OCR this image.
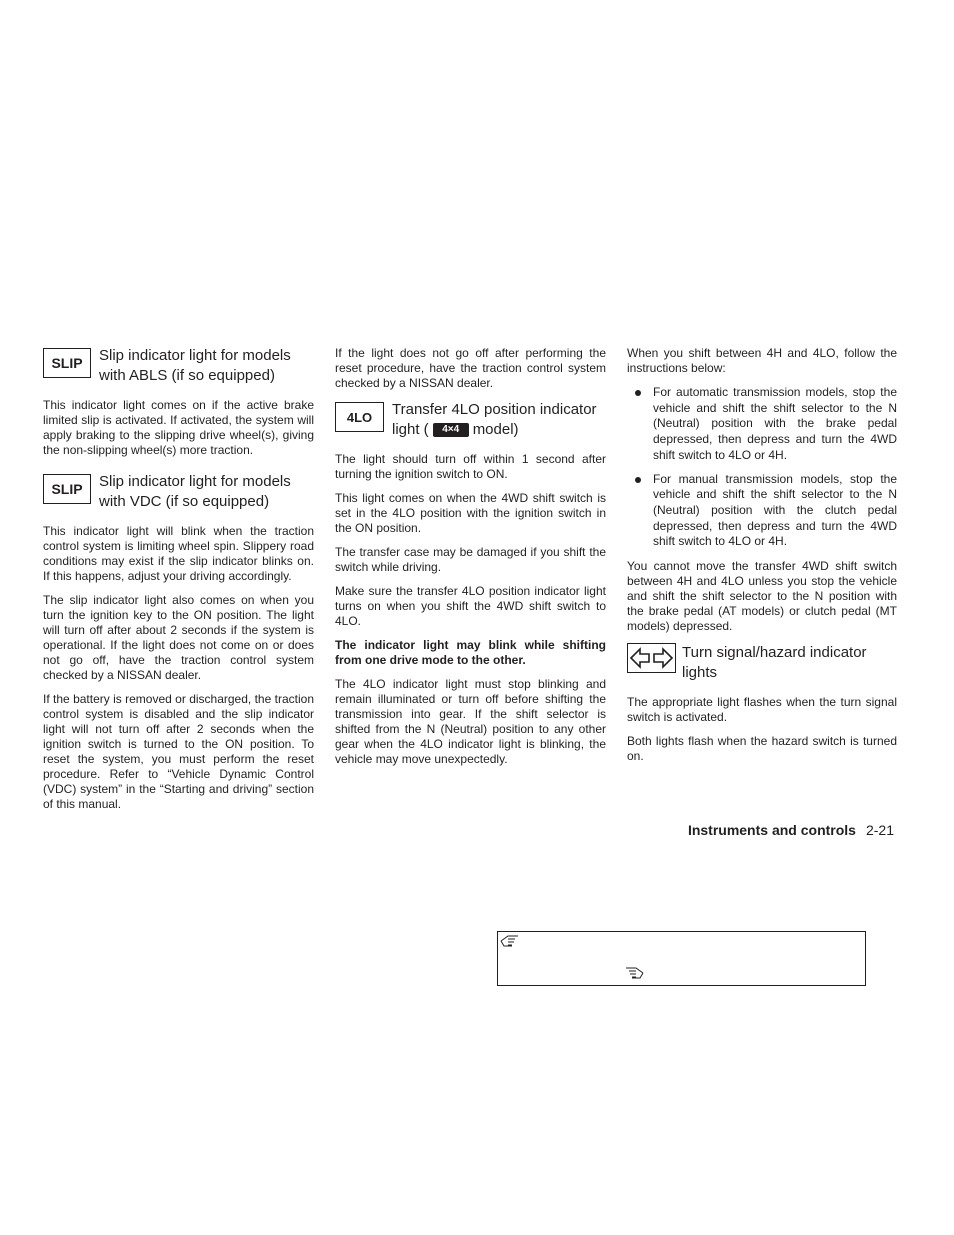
SLIP	Slip indicator light for models with ABLS (if so equipped)

This indicator light comes on if the active brake limited slip is activated. If activated, the system will apply braking to the slipping drive wheel(s), giving the non-slipping wheel(s) more traction.

SLIP	Slip indicator light for models with VDC (if so equipped)

This indicator light will blink when the traction control system is limiting wheel spin. Slippery road conditions may exist if the slip indicator blinks on. If this happens, adjust your driving accordingly.

The slip indicator light also comes on when you turn the ignition key to the ON position. The light will turn off after about 2 seconds if the system is operational. If the light does not come on or does not go off, have the traction control system checked by a NISSAN dealer.

If the battery is removed or discharged, the traction control system is disabled and the slip indicator light will not turn off after 2 seconds when the ignition switch is turned to the ON position. To reset the system, you must perform the reset procedure. Refer to “Vehicle Dynamic Control (VDC) system” in the “Starting and driving” section of this manual.

If the light does not go off after performing the reset procedure, have the traction control system checked by a NISSAN dealer.

4LO	Transfer 4LO position indicator light ( 4×4 model)

The light should turn off within 1 second after turning the ignition switch to ON.

This light comes on when the 4WD shift switch is set in the 4LO position with the ignition switch in the ON position.

The transfer case may be damaged if you shift the switch while driving.

Make sure the transfer 4LO position indicator light turns on when you shift the 4WD shift switch to 4LO.

The indicator light may blink while shifting from one drive mode to the other.

The 4LO indicator light must stop blinking and remain illuminated or turn off before shifting the transmission into gear. If the shift selector is shifted from the N (Neutral) position to any other gear when the 4LO indicator light is blinking, the vehicle may move unexpectedly.

When you shift between 4H and 4LO, follow the instructions below:

For automatic transmission models, stop the vehicle and shift the shift selector to the N (Neutral) position with the brake pedal depressed, then depress and turn the 4WD shift switch to 4LO or 4H.
For manual transmission models, stop the vehicle and shift the shift selector to the N (Neutral) position with the clutch pedal depressed, then depress and turn the 4WD shift switch to 4LO or 4H.

You cannot move the transfer 4WD shift switch between 4H and 4LO unless you stop the vehicle and shift the shift selector to the N position with the brake pedal (AT models) or clutch pedal (MT models) depressed.

Turn signal/hazard indicator lights

The appropriate light flashes when the turn signal switch is activated.

Both lights flash when the hazard switch is turned on.

Instruments and controls 2-21
